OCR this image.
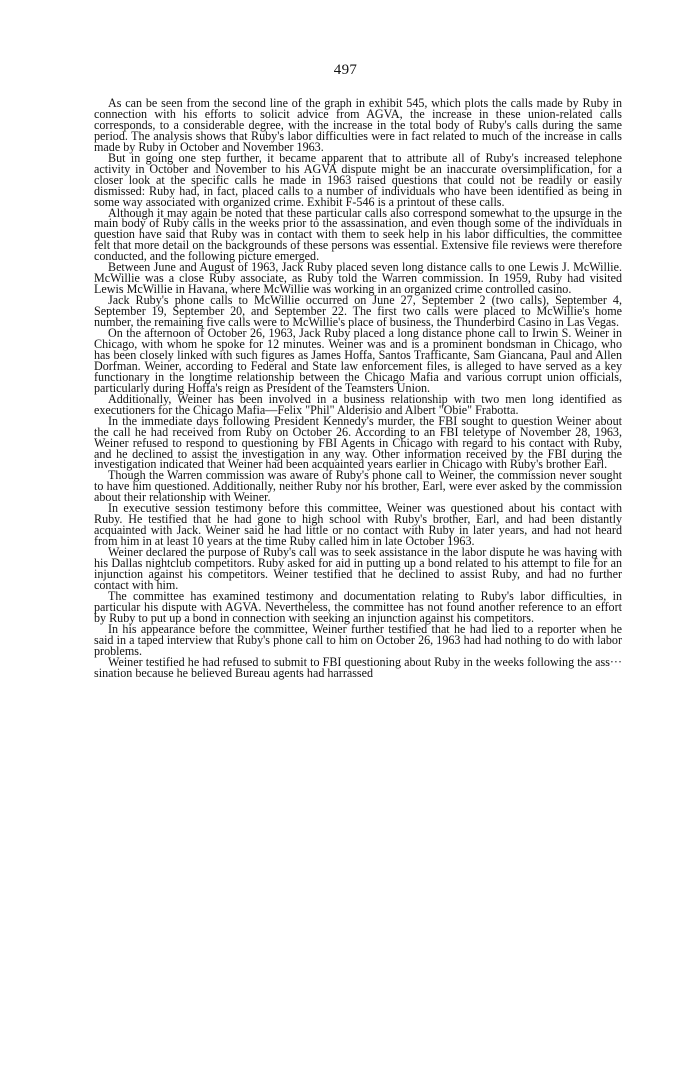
497

As can be seen from the second line of the graph in exhibit 545, which plots the calls made by Ruby in connection with his efforts to solicit advice from AGVA, the increase in these union-related calls corresponds, to a considerable degree, with the increase in the total body of Ruby's calls during the same period. The analysis shows that Ruby's labor difficulties were in fact related to much of the increase in calls made by Ruby in October and November 1963.

But in going one step further, it became apparent that to attribute all of Ruby's increased telephone activity in October and November to his AGVA dispute might be an inaccurate oversimplification, for a closer look at the specific calls he made in 1963 raised questions that could not be readily or easily dismissed: Ruby had, in fact, placed calls to a number of individuals who have been identified as being in some way associated with organized crime. Exhibit F-546 is a printout of these calls.

Although it may again be noted that these particular calls also correspond somewhat to the upsurge in the main body of Ruby calls in the weeks prior to the assassination, and even though some of the individuals in question have said that Ruby was in contact with them to seek help in his labor difficulties, the committee felt that more detail on the backgrounds of these persons was essential. Extensive file reviews were therefore conducted, and the following picture emerged.

Between June and August of 1963, Jack Ruby placed seven long distance calls to one Lewis J. McWillie. McWillie was a close Ruby associate, as Ruby told the Warren commission. In 1959, Ruby had visited Lewis McWillie in Havana, where McWillie was working in an organized crime controlled casino.

Jack Ruby's phone calls to McWillie occurred on June 27, September 2 (two calls), September 4, September 19, September 20, and September 22. The first two calls were placed to McWillie's home number, the remaining five calls were to McWillie's place of business, the Thunderbird Casino in Las Vegas.

On the afternoon of October 26, 1963, Jack Ruby placed a long distance phone call to Irwin S. Weiner in Chicago, with whom he spoke for 12 minutes. Weiner was and is a prominent bondsman in Chicago, who has been closely linked with such figures as James Hoffa, Santos Trafficante, Sam Giancana, Paul and Allen Dorfman. Weiner, according to Federal and State law enforcement files, is alleged to have served as a key functionary in the longtime relationship between the Chicago Mafia and various corrupt union officials, particularly during Hoffa's reign as President of the Teamsters Union.

Additionally, Weiner has been involved in a business relationship with two men long identified as executioners for the Chicago Mafia—Felix "Phil" Alderisio and Albert "Obie" Frabotta.

In the immediate days following President Kennedy's murder, the FBI sought to question Weiner about the call he had received from Ruby on October 26. According to an FBI teletype of November 28, 1963, Weiner refused to respond to questioning by FBI Agents in Chicago with regard to his contact with Ruby, and he declined to assist the investigation in any way. Other information received by the FBI during the investigation indicated that Weiner had been acquainted years earlier in Chicago with Ruby's brother Earl.

Though the Warren commission was aware of Ruby's phone call to Weiner, the commission never sought to have him questioned. Additionally, neither Ruby nor his brother, Earl, were ever asked by the commission about their relationship with Weiner.

In executive session testimony before this committee, Weiner was questioned about his contact with Ruby. He testified that he had gone to high school with Ruby's brother, Earl, and had been distantly acquainted with Jack. Weiner said he had little or no contact with Ruby in later years, and had not heard from him in at least 10 years at the time Ruby called him in late October 1963.

Weiner declared the purpose of Ruby's call was to seek assistance in the labor dispute he was having with his Dallas nightclub competitors. Ruby asked for aid in putting up a bond related to his attempt to file for an injunction against his competitors. Weiner testified that he declined to assist Ruby, and had no further contact with him.

The committee has examined testimony and documentation relating to Ruby's labor difficulties, in particular his dispute with AGVA. Nevertheless, the committee has not found another reference to an effort by Ruby to put up a bond in connection with seeking an injunction against his competitors.

In his appearance before the committee, Weiner further testified that he had lied to a reporter when he said in a taped interview that Ruby's phone call to him on October 26, 1963 had had nothing to do with labor problems.

Weiner testified he had refused to submit to FBI questioning about Ruby in the weeks following the ass··· sination because he believed Bureau agents had harrassed
